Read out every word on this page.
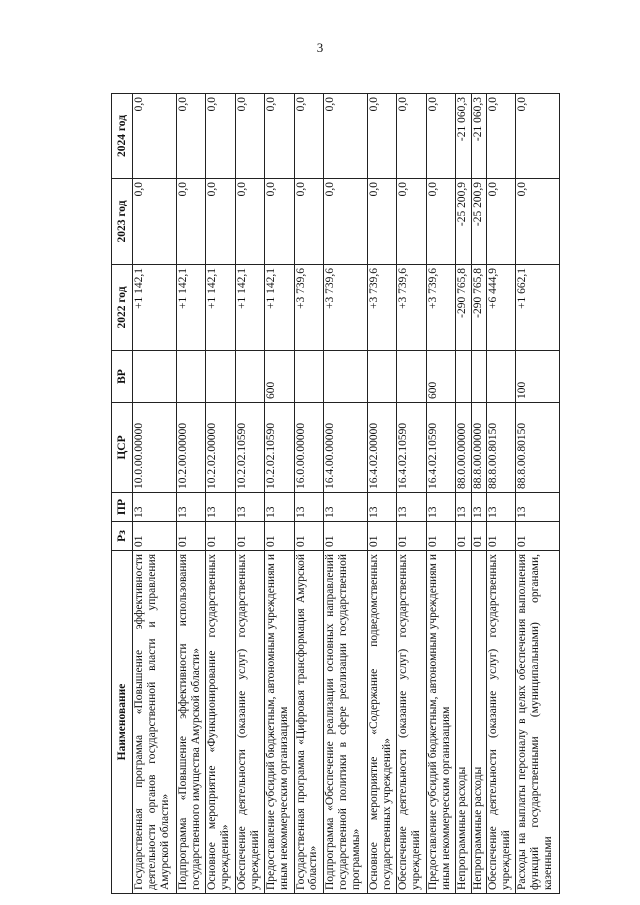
3
Наименование	Рз	ПР	ЦСР	ВР	2022 год	2023 год	2024 год
Государственная программа «Повышение эффективности деятельности органов государственной власти и управления Амурской области»	01	13	10.0.00.00000		+1 142,1	0,0	0,0
Подпрограмма «Повышение эффективности использования государственного имущества Амурской области»	01	13	10.2.00.00000		+1 142,1	0,0	0,0
Основное мероприятие «Функционирование государственных учреждений»	01	13	10.2.02.00000		+1 142,1	0,0	0,0
Обеспечение деятельности (оказание услуг) государственных учреждений	01	13	10.2.02.10590		+1 142,1	0,0	0,0
Предоставление субсидий бюджетным, автономным учреждениям и иным некоммерческим организациям	01	13	10.2.02.10590	600	+1 142,1	0,0	0,0
Государственная программа «Цифровая трансформация Амурской области»	01	13	16.0.00.00000		+3 739,6	0,0	0,0
Подпрограмма «Обеспечение реализации основных направлений государственной политики в сфере реализации государственной программы»	01	13	16.4.00.00000		+3 739,6	0,0	0,0
Основное мероприятие «Содержание подведомственных государственных учреждений»	01	13	16.4.02.00000		+3 739,6	0,0	0,0
Обеспечение деятельности (оказание услуг) государственных учреждений	01	13	16.4.02.10590		+3 739,6	0,0	0,0
Предоставление субсидий бюджетным, автономным учреждениям и иным некоммерческим организациям	01	13	16.4.02.10590	600	+3 739,6	0,0	0,0
Непрограммные расходы	01	13	88.0.00.00000		-290 765,8	-25 200,9	-21 060,3
Непрограммные расходы	01	13	88.8.00.00000		-290 765,8	-25 200,9	-21 060,3
Обеспечение деятельности (оказание услуг) государственных учреждений	01	13	88.8.00.80150		+6 444,9	0,0	0,0
Расходы на выплаты персоналу в целях обеспечения выполнения функций государственными (муниципальными) органами, казенными	01	13	88.8.00.80150	100	+1 662,1	0,0	0,0
